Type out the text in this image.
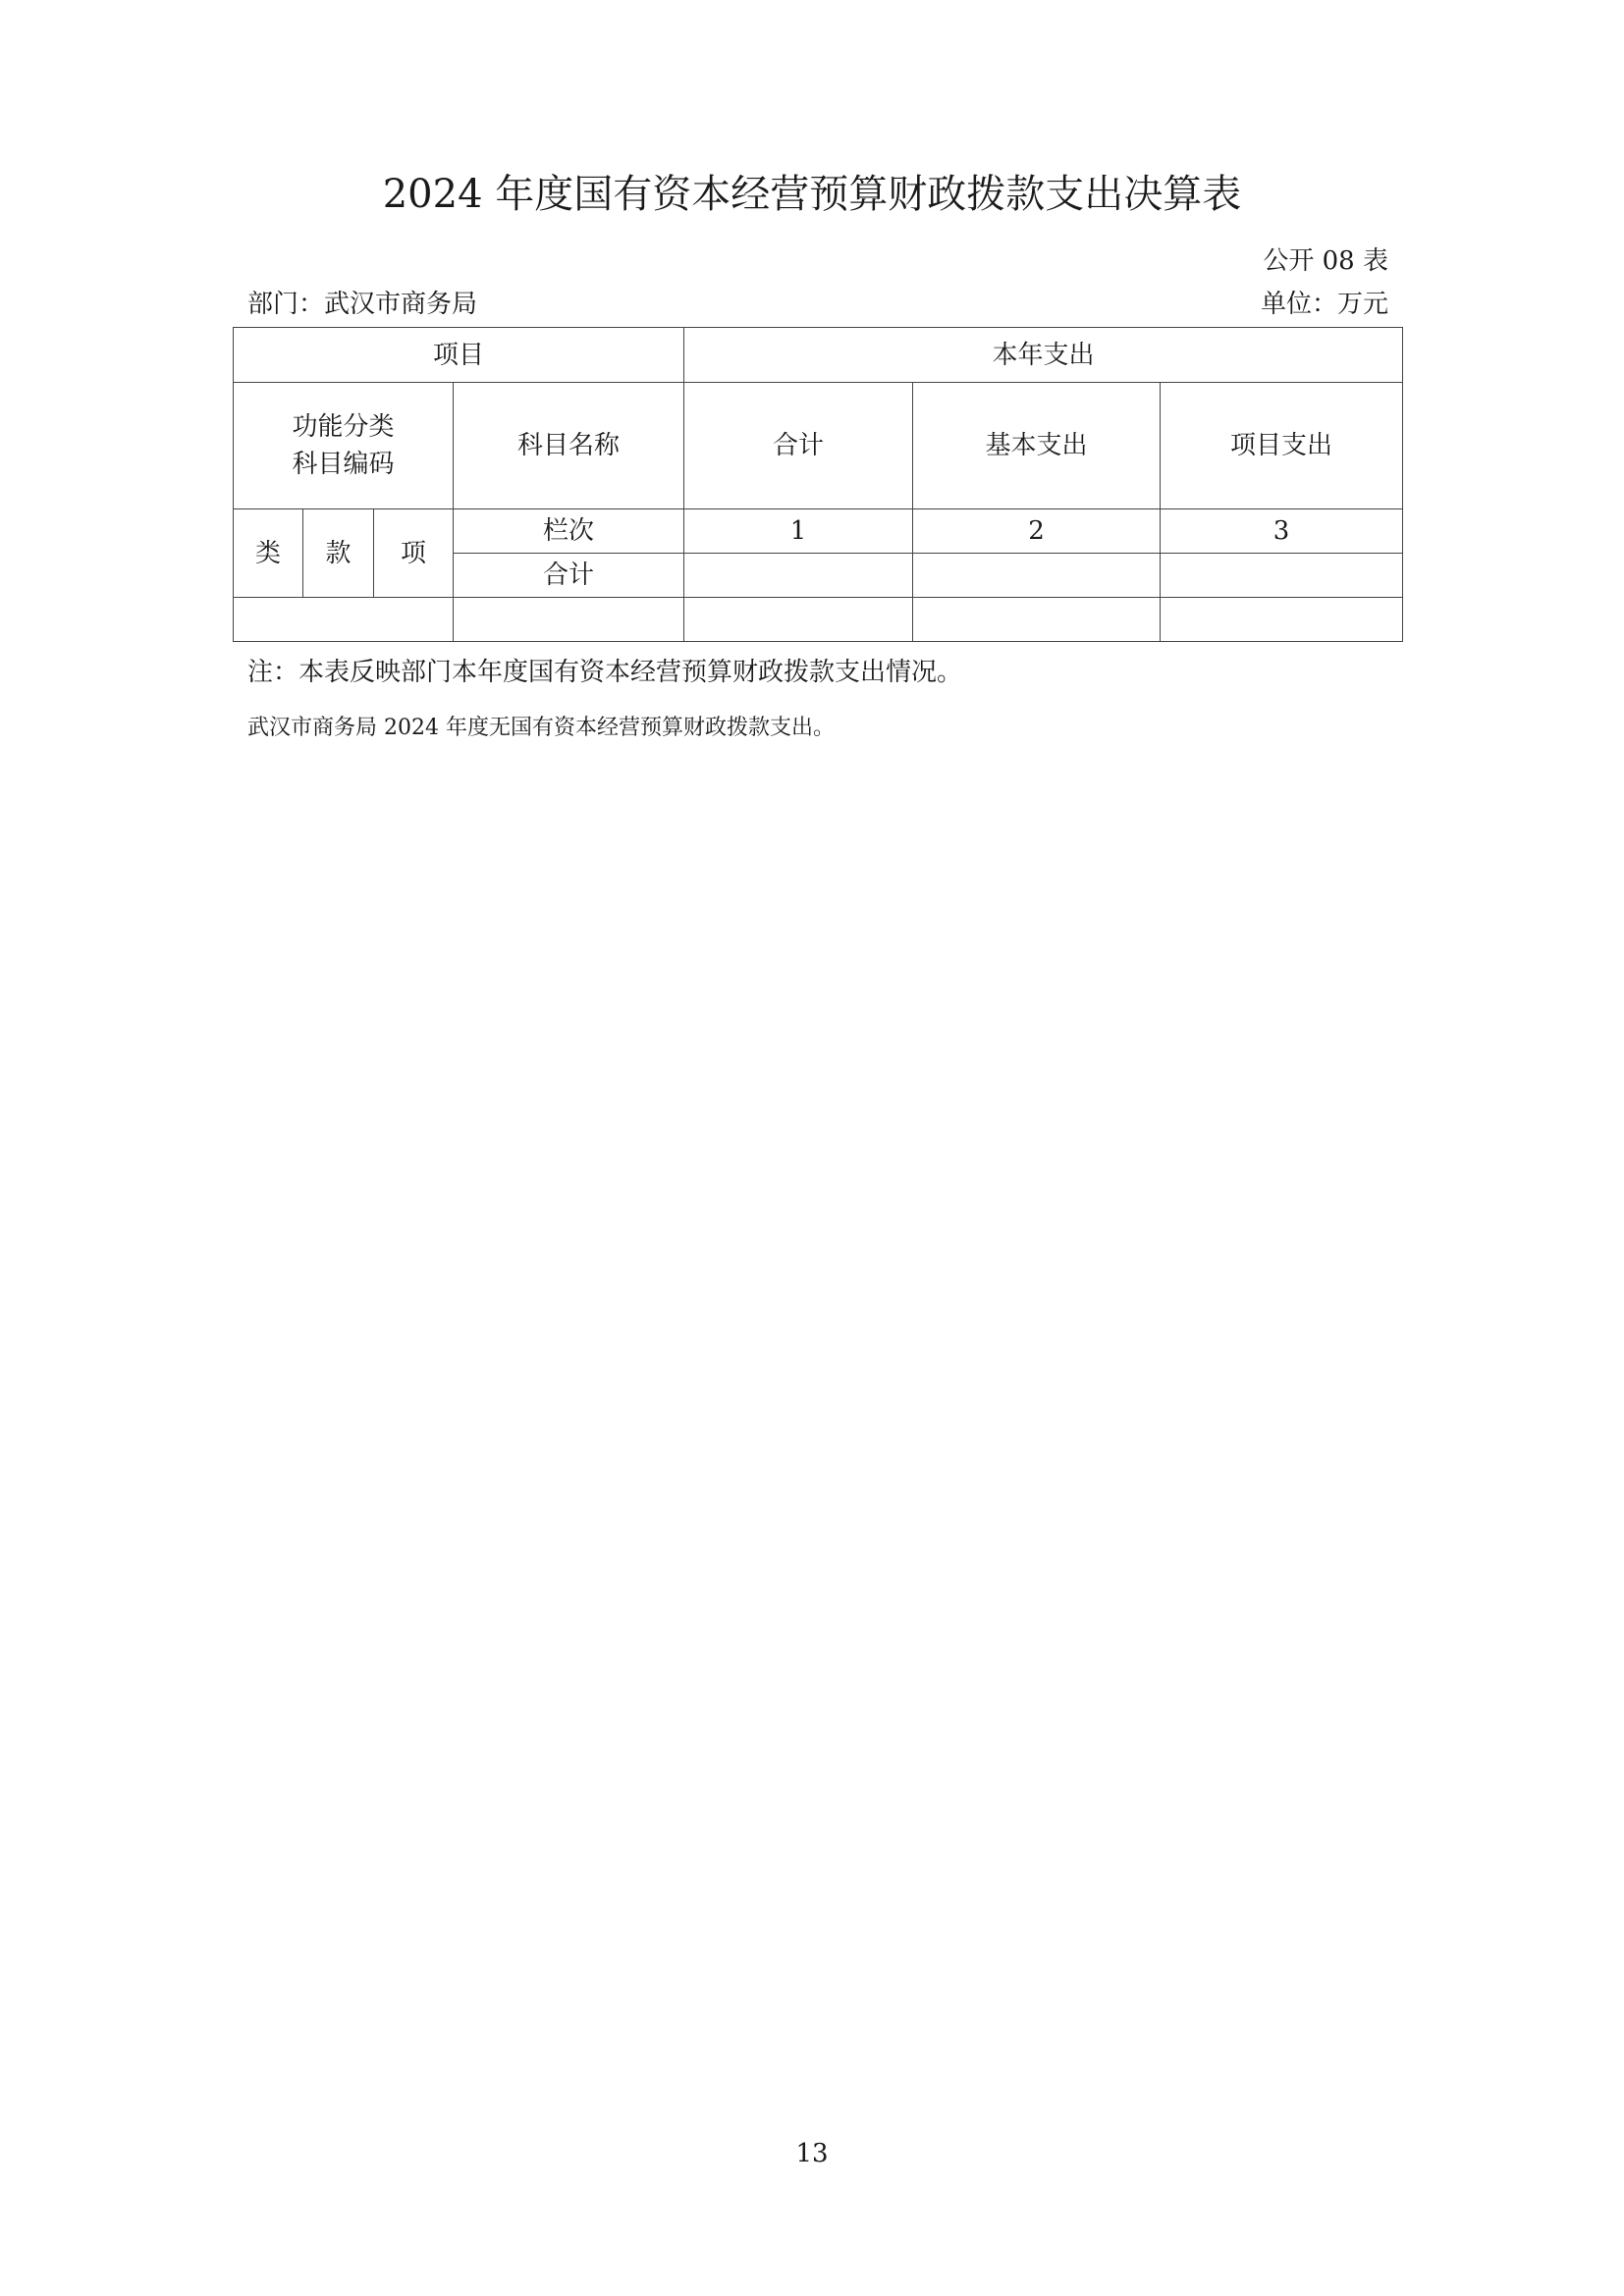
2024 年度国有资本经营预算财政拨款支出决算表
公开 08 表
部门：武汉市商务局	单位：万元
项目				本年支出		

功能分类
科目编码			科目名称	合计	基本支出	项目支出
类	款	项	栏次	1	2	3
			合计			

注：本表反映部门本年度国有资本经营预算财政拨款支出情况。
武汉市商务局 2024 年度无国有资本经营预算财政拨款支出。
13
